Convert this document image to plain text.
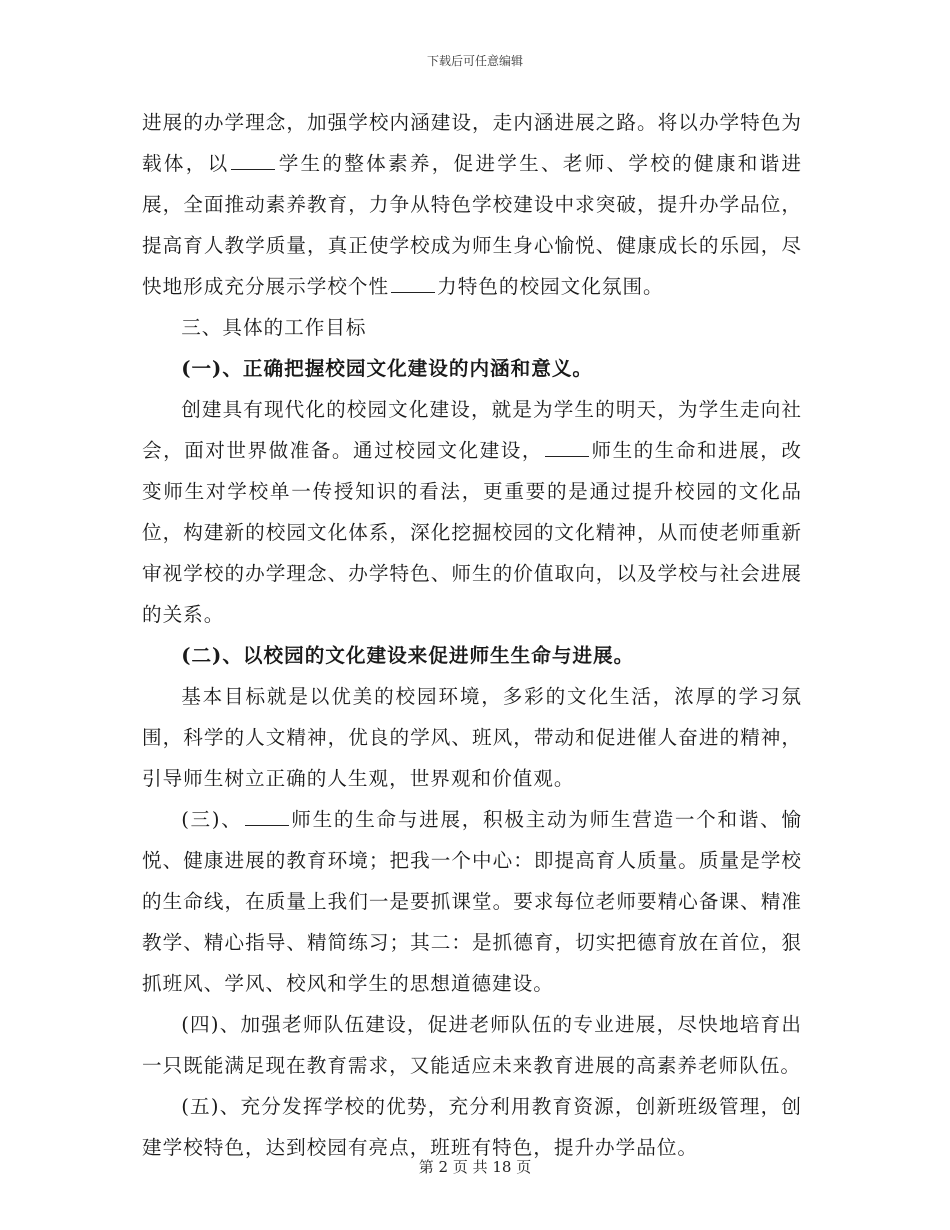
下载后可任意编辑

进展的办学理念，加强学校内涵建设，走内涵进展之路。将以办学特色为载体，以 学生的整体素养，促进学生、老师、学校的健康和谐进展，全面推动素养教育，力争从特色学校建设中求突破，提升办学品位，提高育人教学质量，真正使学校成为师生身心愉悦、健康成长的乐园，尽快地形成充分展示学校个性 力特色的校园文化氛围。

三、具体的工作目标

(一)、正确把握校园文化建设的内涵和意义。

创建具有现代化的校园文化建设，就是为学生的明天，为学生走向社会，面对世界做准备。通过校园文化建设， 师生的生命和进展，改变师生对学校单一传授知识的看法，更重要的是通过提升校园的文化品位，构建新的校园文化体系，深化挖掘校园的文化精神，从而使老师重新审视学校的办学理念、办学特色、师生的价值取向，以及学校与社会进展的关系。

(二)、以校园的文化建设来促进师生生命与进展。

基本目标就是以优美的校园环境，多彩的文化生活，浓厚的学习氛围，科学的人文精神，优良的学风、班风，带动和促进催人奋进的精神，引导师生树立正确的人生观，世界观和价值观。

(三)、 师生的生命与进展，积极主动为师生营造一个和谐、愉悦、健康进展的教育环境；把我一个中心：即提高育人质量。质量是学校的生命线，在质量上我们一是要抓课堂。要求每位老师要精心备课、精准教学、精心指导、精简练习；其二：是抓德育，切实把德育放在首位，狠抓班风、学风、校风和学生的思想道德建设。

(四)、加强老师队伍建设，促进老师队伍的专业进展，尽快地培育出一只既能满足现在教育需求，又能适应未来教育进展的高素养老师队伍。

(五)、充分发挥学校的优势，充分利用教育资源，创新班级管理，创建学校特色，达到校园有亮点，班班有特色，提升办学品位。

第 2 页 共 18 页
